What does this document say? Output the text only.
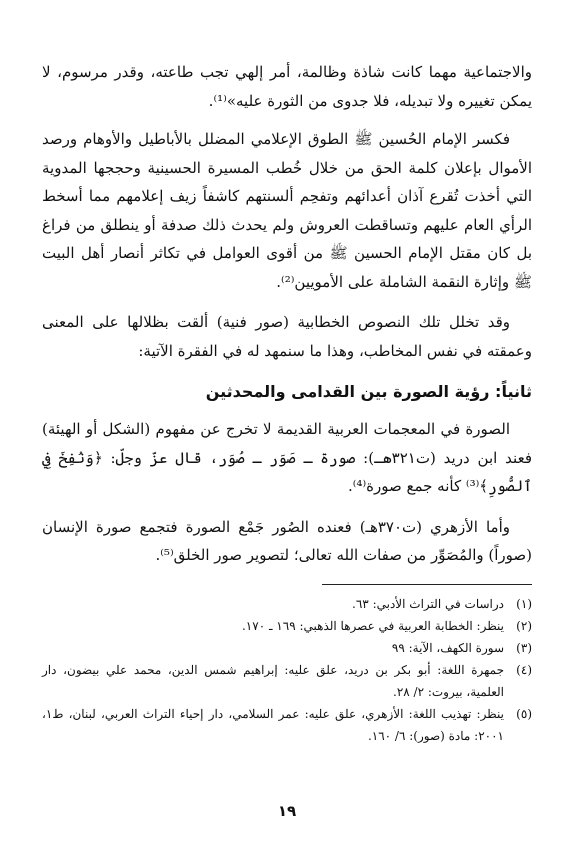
والاجتماعية مهما كانت شاذة وظالمة، أمر إلهي تجب طاعته، وقدر مرسوم، لا يمكن تغييره ولا تبديله، فلا جدوى من الثورة عليه»⁽¹⁾.

فكسر الإمام الحُسين ﷺ الطوق الإعلامي المضلل بالأباطيل والأوهام ورصد الأموال بإعلان كلمة الحق من خلال خُطب المسيرة الحسينية وحججها المدوية التي أخذت تُقرع آذان أعدائهم وتفحِم ألسنتهم كاشفاً زيف إعلامهم مما أسخط الرأي العام عليهم وتساقطت العروش ولم يحدث ذلك صدفة أو ينطلق من فراغ بل كان مقتل الإمام الحسين ﷺ من أقوى العوامل في تكاثر أنصار أهل البيت ﷺ وإثارة النقمة الشاملة على الأمويين⁽²⁾.

وقد تخلل تلك النصوص الخطابية (صور فنية) ألقت بظلالها على المعنى وعمقته في نفس المخاطب، وهذا ما سنمهد له في الفقرة الآتية:

ثانياً: رؤية الصورة بين القدامى والمحدثين

الصورة في المعجمات العربية القديمة لا تخرج عن مفهوم (الشكل أو الهيئة) فعند ابن دريد (ت٣٢١هـ): صورة ـ صَوَر ـ صُوَر، قال عزّ وجلّ: ﴿وَنُفِخَ فِي ٱلصُّورِ﴾⁽³⁾ كأنه جمع صورة⁽⁴⁾.

وأما الأزهري (ت٣٧٠هـ) فعنده الصُور جَمْع الصورة فتجمع صورة الإنسان (صوراً) والمُصَوِّر من صفات الله تعالى؛ لتصوير صور الخلق⁽⁵⁾.

(١)
دراسات في التراث الأدبي: ٦٣.

(٢)
ينظر: الخطابة العربية في عصرها الذهبي: ١٦٩ ـ ١٧٠.

(٣)
سورة الكهف، الآية: ٩٩

(٤)
جمهرة اللغة: أبو بكر بن دريد، علق عليه: إبراهيم شمس الدين، محمد علي بيضون، دار العلمية، بيروت: ٢/ ٢٨.

(٥)
ينظر: تهذيب اللغة: الأزهري، علق عليه: عمر السلامي، دار إحياء التراث العربي، لبنان، ط١، ٢٠٠١: مادة (صور): ٦/ ١٦٠.

١٩
